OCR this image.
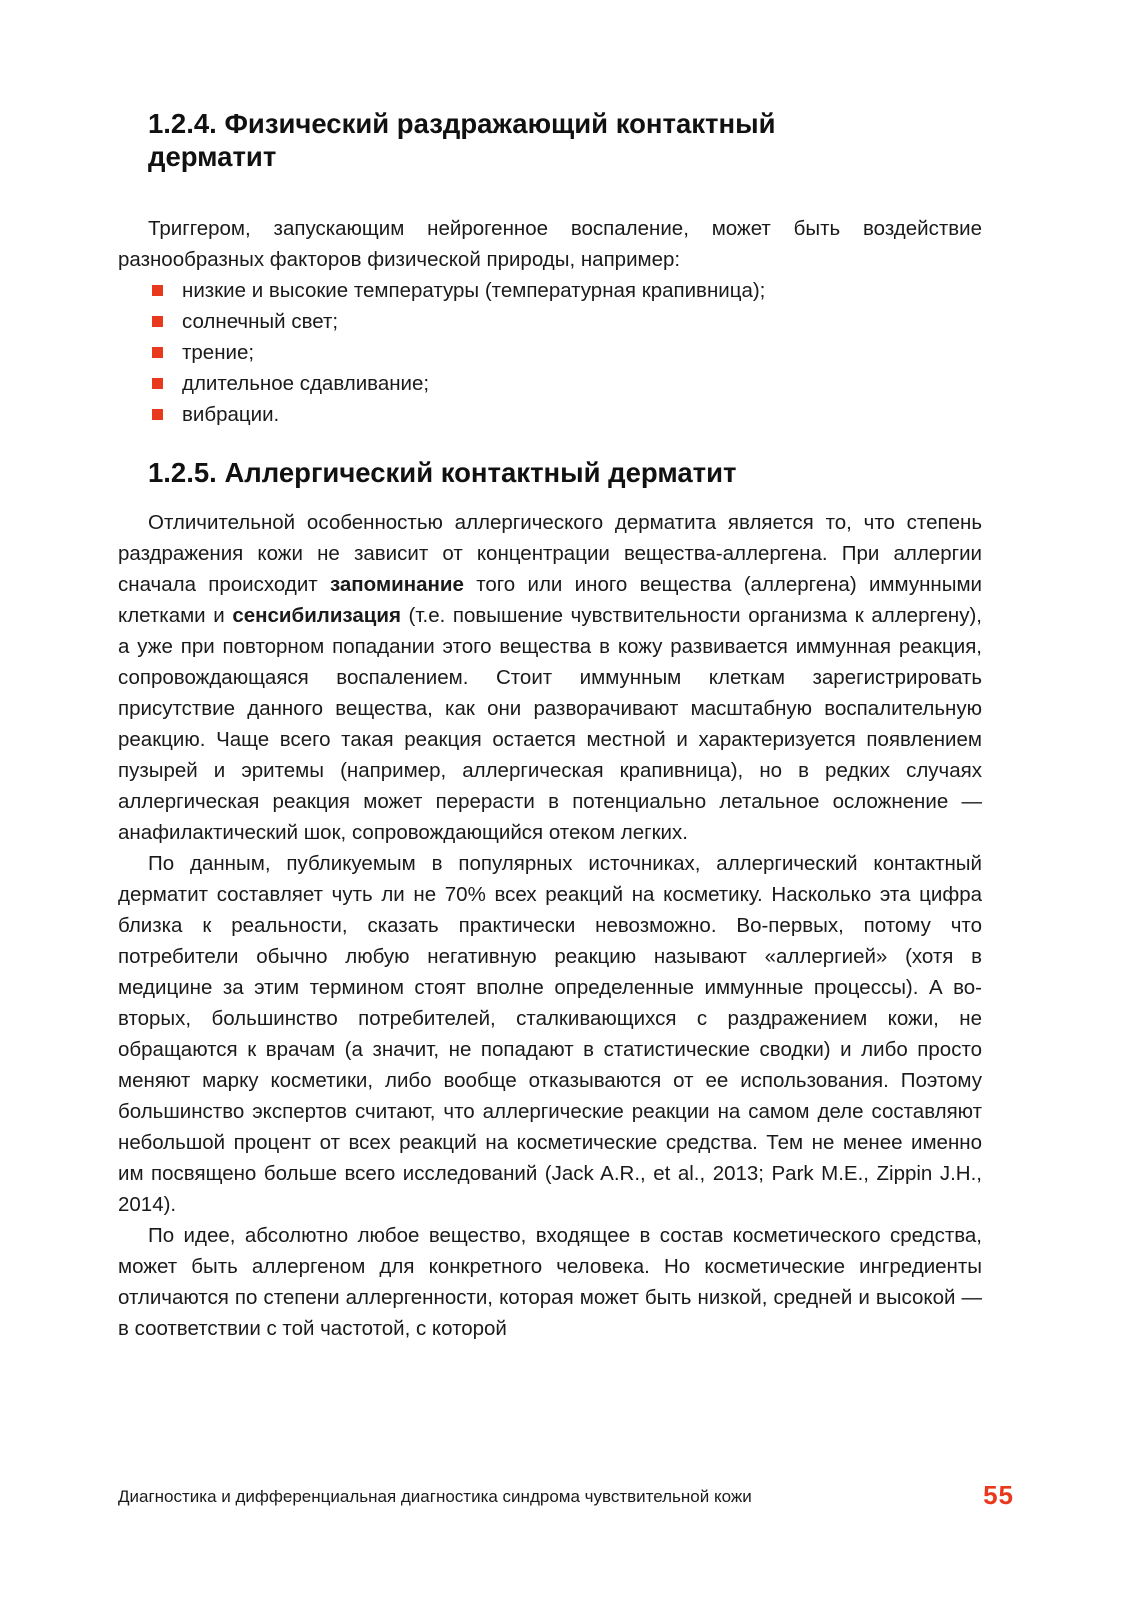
1.2.4. Физический раздражающий контактный
дерматит

Триггером, запускающим нейрогенное воспаление, может быть воздействие разнообразных факторов физической природы, например:

низкие и высокие температуры (температурная крапивница);
солнечный свет;
трение;
длительное сдавливание;
вибрации.
1.2.5. Аллергический контактный дерматит

Отличительной особенностью аллергического дерматита является то, что степень раздражения кожи не зависит от концентрации вещества-аллергена. При аллергии сначала происходит запоминание того или иного вещества (аллергена) иммунными клетками и сенсибилизация (т.е. повышение чувствительности организма к аллергену), а уже при повторном попадании этого вещества в кожу развивается иммунная реакция, сопровождающаяся воспалением. Стоит иммунным клеткам зарегистрировать присутствие данного вещества, как они разворачивают масштабную воспалительную реакцию. Чаще всего такая реакция остается местной и характеризуется появлением пузырей и эритемы (например, аллергическая крапивница), но в редких случаях аллергическая реакция может перерасти в потенциально летальное осложнение — анафилактический шок, сопровождающийся отеком легких.

По данным, публикуемым в популярных источниках, аллергический контактный дерматит составляет чуть ли не 70% всех реакций на косметику. Насколько эта цифра близка к реальности, сказать практически невозможно. Во-первых, потому что потребители обычно любую негативную реакцию называют «аллергией» (хотя в медицине за этим термином стоят вполне определенные иммунные процессы). А во-вторых, большинство потребителей, сталкивающихся с раздражением кожи, не обращаются к врачам (а значит, не попадают в статистические сводки) и либо просто меняют марку косметики, либо вообще отказываются от ее использования. Поэтому большинство экспертов считают, что аллергические реакции на самом деле составляют небольшой процент от всех реакций на косметические средства. Тем не менее именно им посвящено больше всего исследований (Jack A.R., et al., 2013; Park M.E., Zippin J.H., 2014).

По идее, абсолютно любое вещество, входящее в состав косметического средства, может быть аллергеном для конкретного человека. Но косметические ингредиенты отличаются по степени аллергенности, которая может быть низкой, средней и высокой — в соответствии с той частотой, с которой

Диагностика и дифференциальная диагностика синдрома чувствительной кожи	55
